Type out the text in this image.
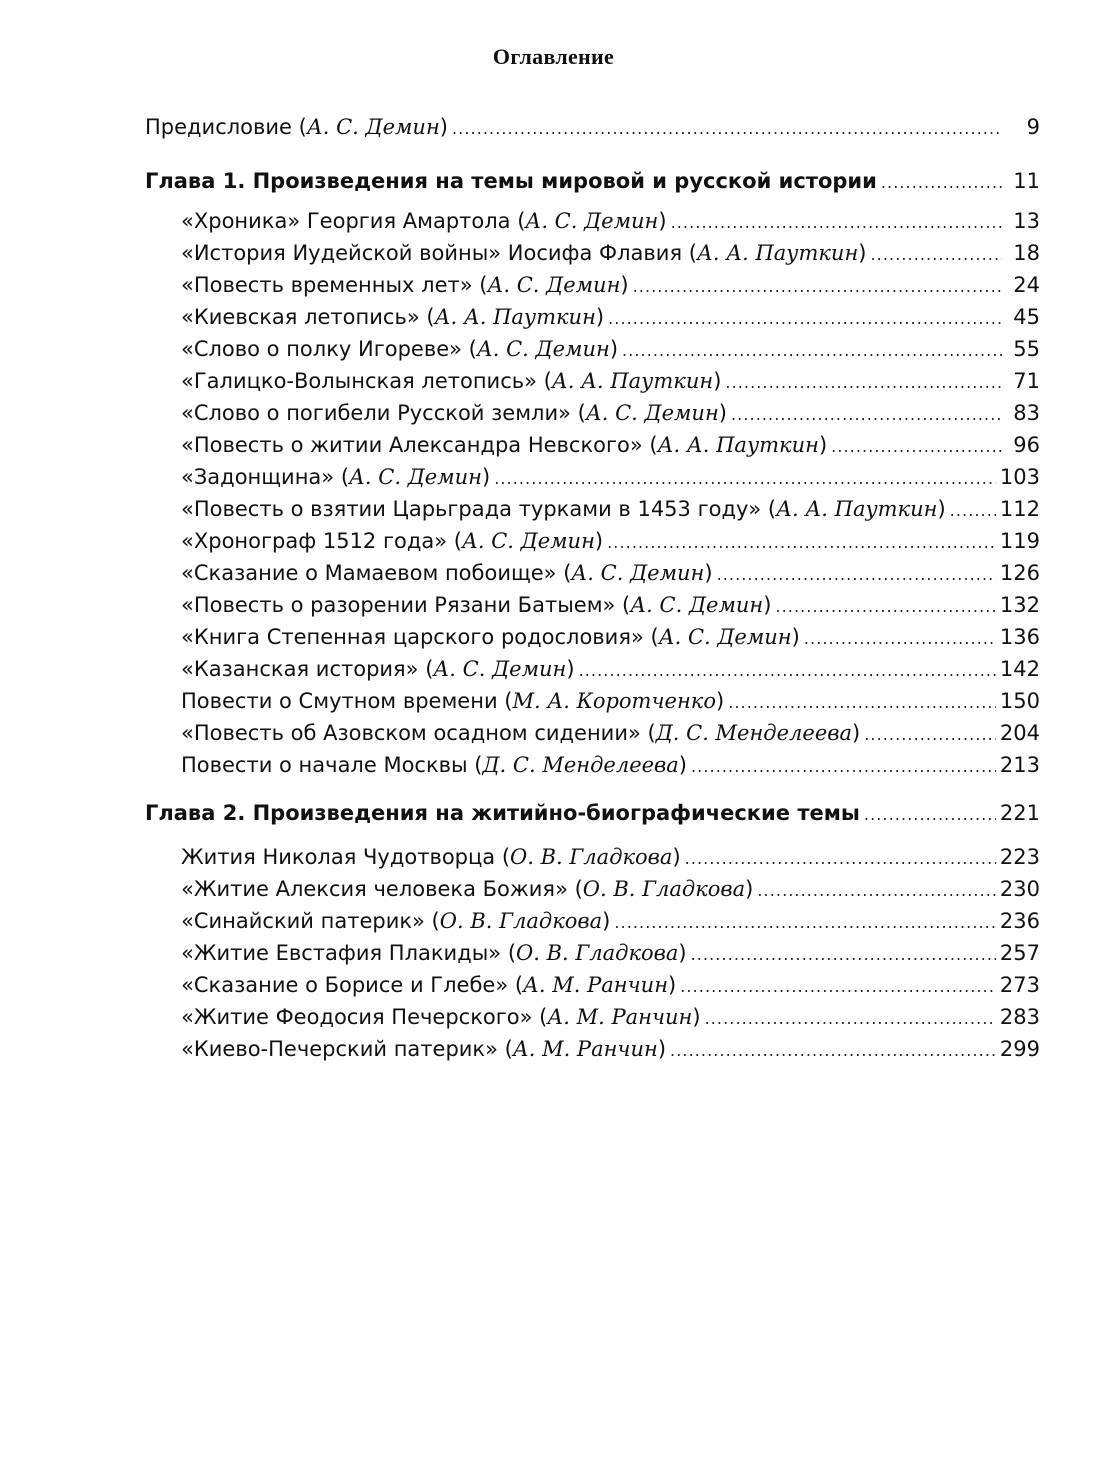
Оглавление
Предисловие (А. С. Демин) . . .	9
Глава 1. Произведения на темы мировой и русской истории . . .	11
«Хроника» Георгия Амартола (А. С. Демин) . . .	13
«История Иудейской войны» Иосифа Флавия (А. А. Пауткин) . . .	18
«Повесть временных лет» (А. С. Демин) . . .	24
«Киевская летопись» (А. А. Пауткин) . . .	45
«Слово о полку Игореве» (А. С. Демин) . . .	55
«Галицко-Волынская летопись» (А. А. Пауткин) . . .	71
«Слово о погибели Русской земли» (А. С. Демин) . . .	83
«Повесть о житии Александра Невского» (А. А. Пауткин) . . .	96
«Задонщина» (А. С. Демин) . . .	103
«Повесть о взятии Царьграда турками в 1453 году» (А. А. Пауткин) . . .	112
«Хронограф 1512 года» (А. С. Демин) . . .	119
«Сказание о Мамаевом побоище» (А. С. Демин) . . .	126
«Повесть о разорении Рязани Батыем» (А. С. Демин) . . .	132
«Книга Степенная царского родословия» (А. С. Демин) . . .	136
«Казанская история» (А. С. Демин) . . .	142
Повести о Смутном времени (М. А. Коротченко) . . .	150
«Повесть об Азовском осадном сидении» (Д. С. Менделеева) . . .	204
Повести о начале Москвы (Д. С. Менделеева) . . .	213
Глава 2. Произведения на житийно-биографические темы . . .	221
Жития Николая Чудотворца (О. В. Гладкова) . . .	223
«Житие Алексия человека Божия» (О. В. Гладкова) . . .	230
«Синайский патерик» (О. В. Гладкова) . . .	236
«Житие Евстафия Плакиды» (О. В. Гладкова) . . .	257
«Сказание о Борисе и Глебе» (А. М. Ранчин) . . .	273
«Житие Феодосия Печерского» (А. М. Ранчин) . . .	283
«Киево-Печерский патерик» (А. М. Ранчин) . . .	299
